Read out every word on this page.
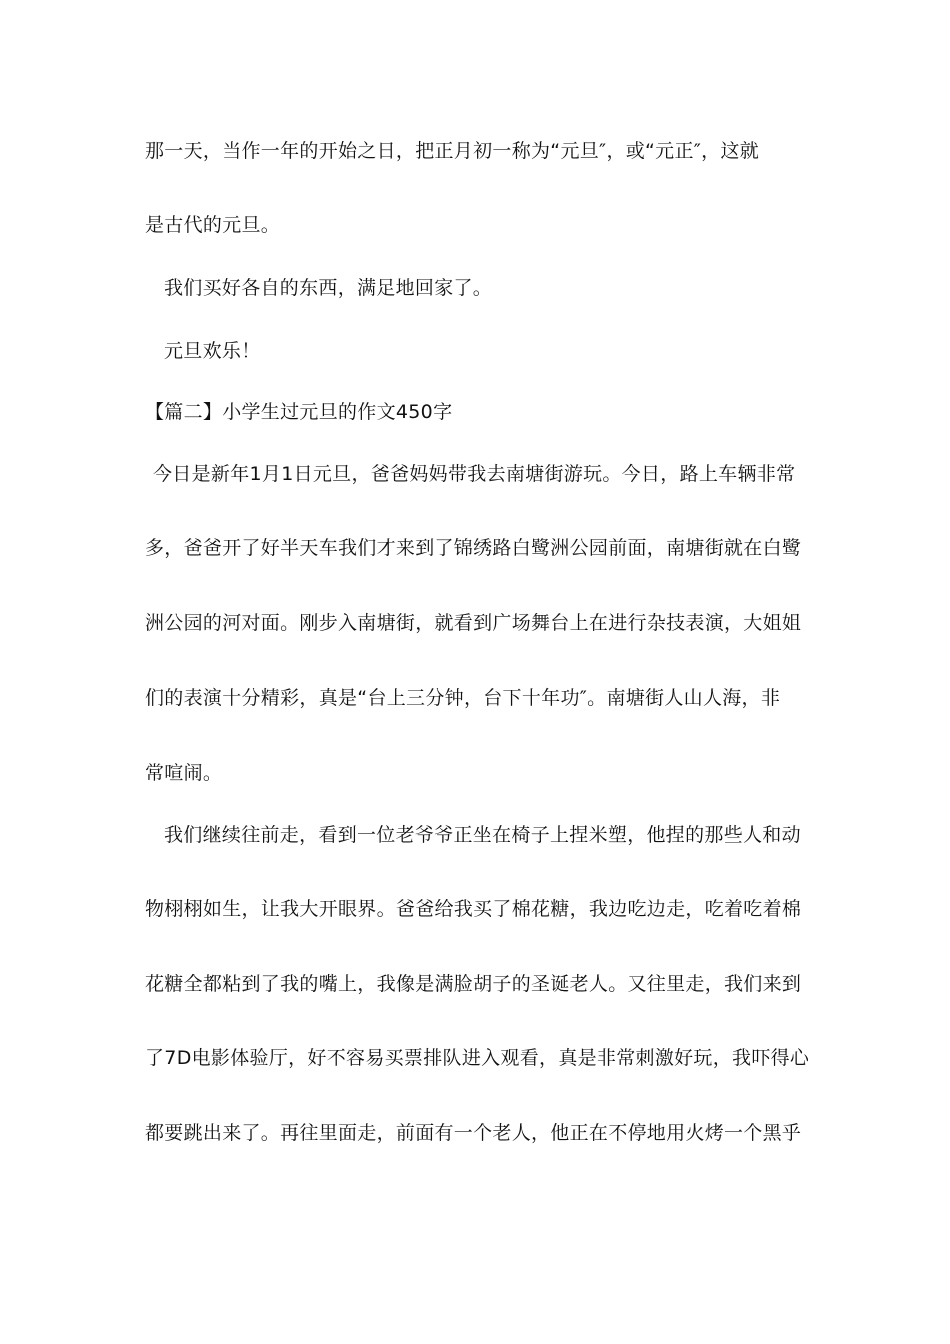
那一天，当作一年的开始之日，把正月初一称为“元旦″，或“元正″，这就
是古代的元旦。
我们买好各自的东西，满足地回家了。
元旦欢乐！
【篇二】小学生过元旦的作文450字
今日是新年1月1日元旦，爸爸妈妈带我去南塘街游玩。今日，路上车辆非常
多，爸爸开了好半天车我们才来到了锦绣路白鹭洲公园前面，南塘街就在白鹭
洲公园的河对面。刚步入南塘街，就看到广场舞台上在进行杂技表演，大姐姐
们的表演十分精彩，真是“台上三分钟，台下十年功″。南塘街人山人海，非
常喧闹。
我们继续往前走，看到一位老爷爷正坐在椅子上捏米塑，他捏的那些人和动
物栩栩如生，让我大开眼界。爸爸给我买了棉花糖，我边吃边走，吃着吃着棉
花糖全都粘到了我的嘴上，我像是满脸胡子的圣诞老人。又往里走，我们来到
了7D电影体验厅，好不容易买票排队进入观看，真是非常刺激好玩，我吓得心
都要跳出来了。再往里面走，前面有一个老人，他正在不停地用火烤一个黑乎
